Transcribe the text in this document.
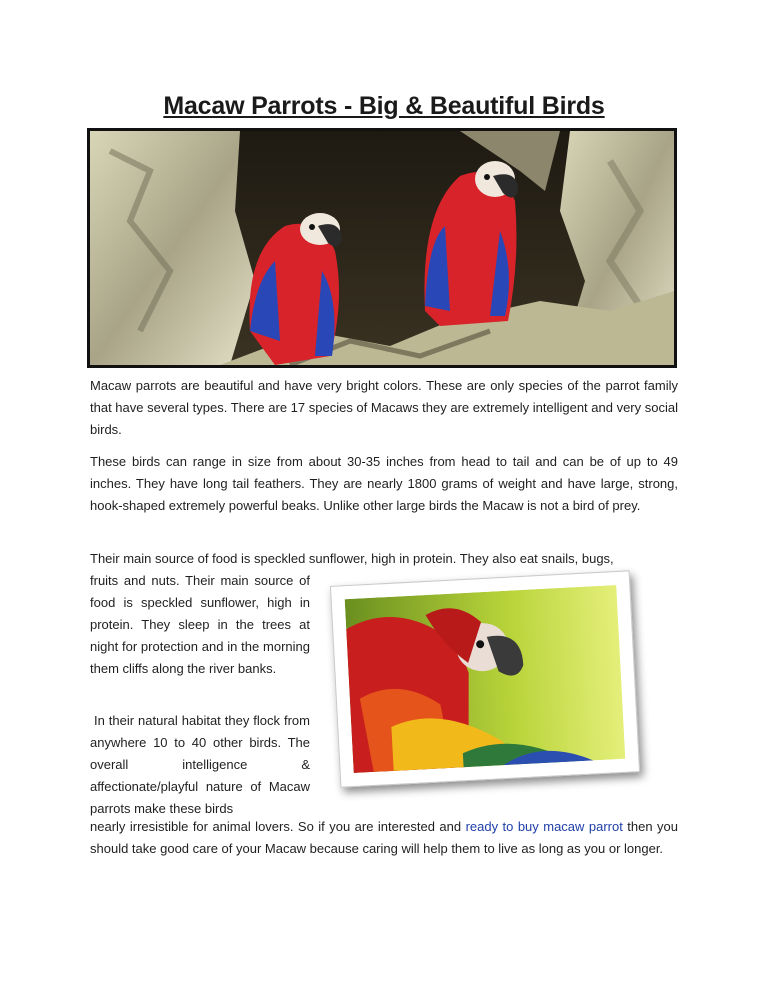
Macaw Parrots - Big & Beautiful Birds

Macaw parrots are beautiful and have very bright colors. These are only species of the parrot family that have several types. There are 17 species of Macaws they are extremely intelligent and very social birds.

These birds can range in size from about 30-35 inches from head to tail and can be of up to 49 inches. They have long tail feathers. They are nearly 1800 grams of weight and have large, strong, hook-shaped extremely powerful beaks. Unlike other large birds the Macaw is not a bird of prey.

Their main source of food is speckled sunflower, high in protein. They also eat snails, bugs,

fruits and nuts. Their main source of food is speckled sunflower, high in protein. They sleep in the trees at night for protection and in the morning them cliffs along the river banks.

In their natural habitat they flock from anywhere 10 to 40 other birds. The overall intelligence & affectionate/playful nature of Macaw parrots make these birds

nearly irresistible for animal lovers. So if you are interested and ready to buy macaw parrot then you should take good care of your Macaw because caring will help them to live as long as you or longer.
